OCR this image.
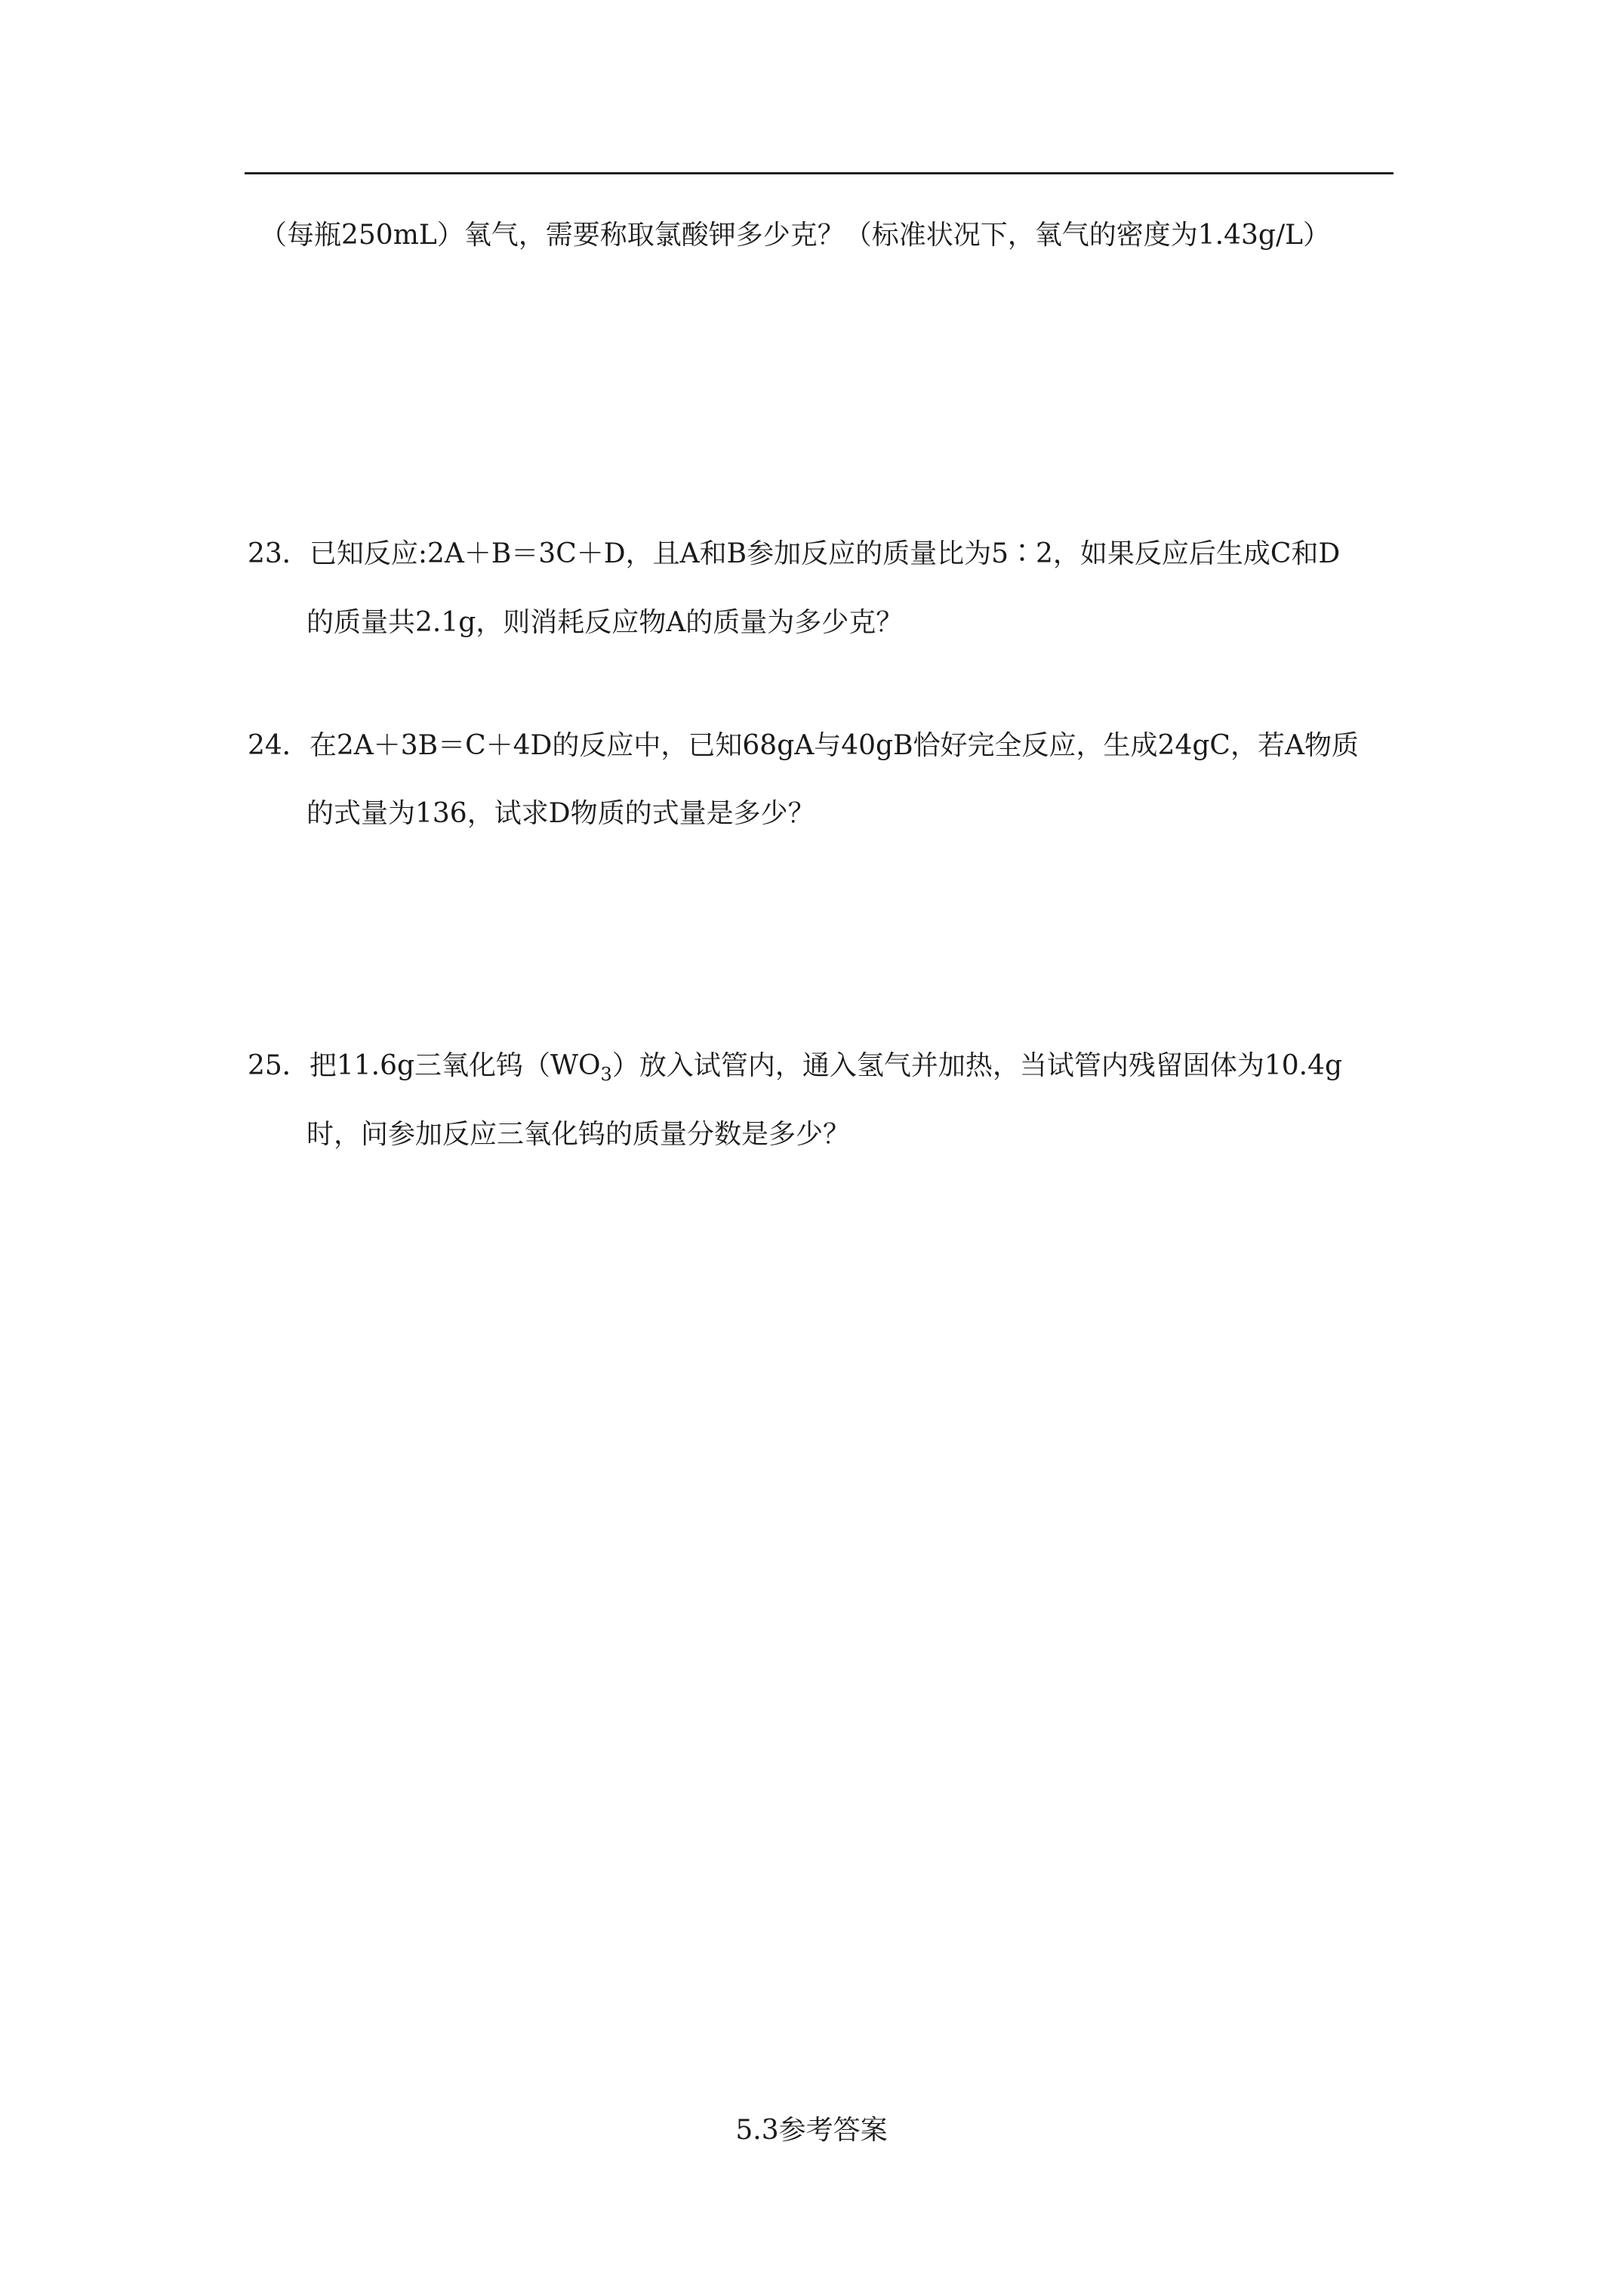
（每瓶250mL）氧气，需要称取氯酸钾多少克？（标准状况下，氧气的密度为1.43g/L）
23．已知反应:2A＋B＝3C＋D，且A和B参加反应的质量比为5∶2，如果反应后生成C和D
的质量共2.1g，则消耗反应物A的质量为多少克？
24．在2A＋3B＝C＋4D的反应中，已知68gA与40gB恰好完全反应，生成24gC，若A物质
的式量为136，试求D物质的式量是多少？
25．把11.6g三氧化钨$(WO_3)$放入试管内，通入氢气并加热，当试管内残留固体为10.4g
时，问参加反应三氧化钨的质量分数是多少？
5.3参考答案
